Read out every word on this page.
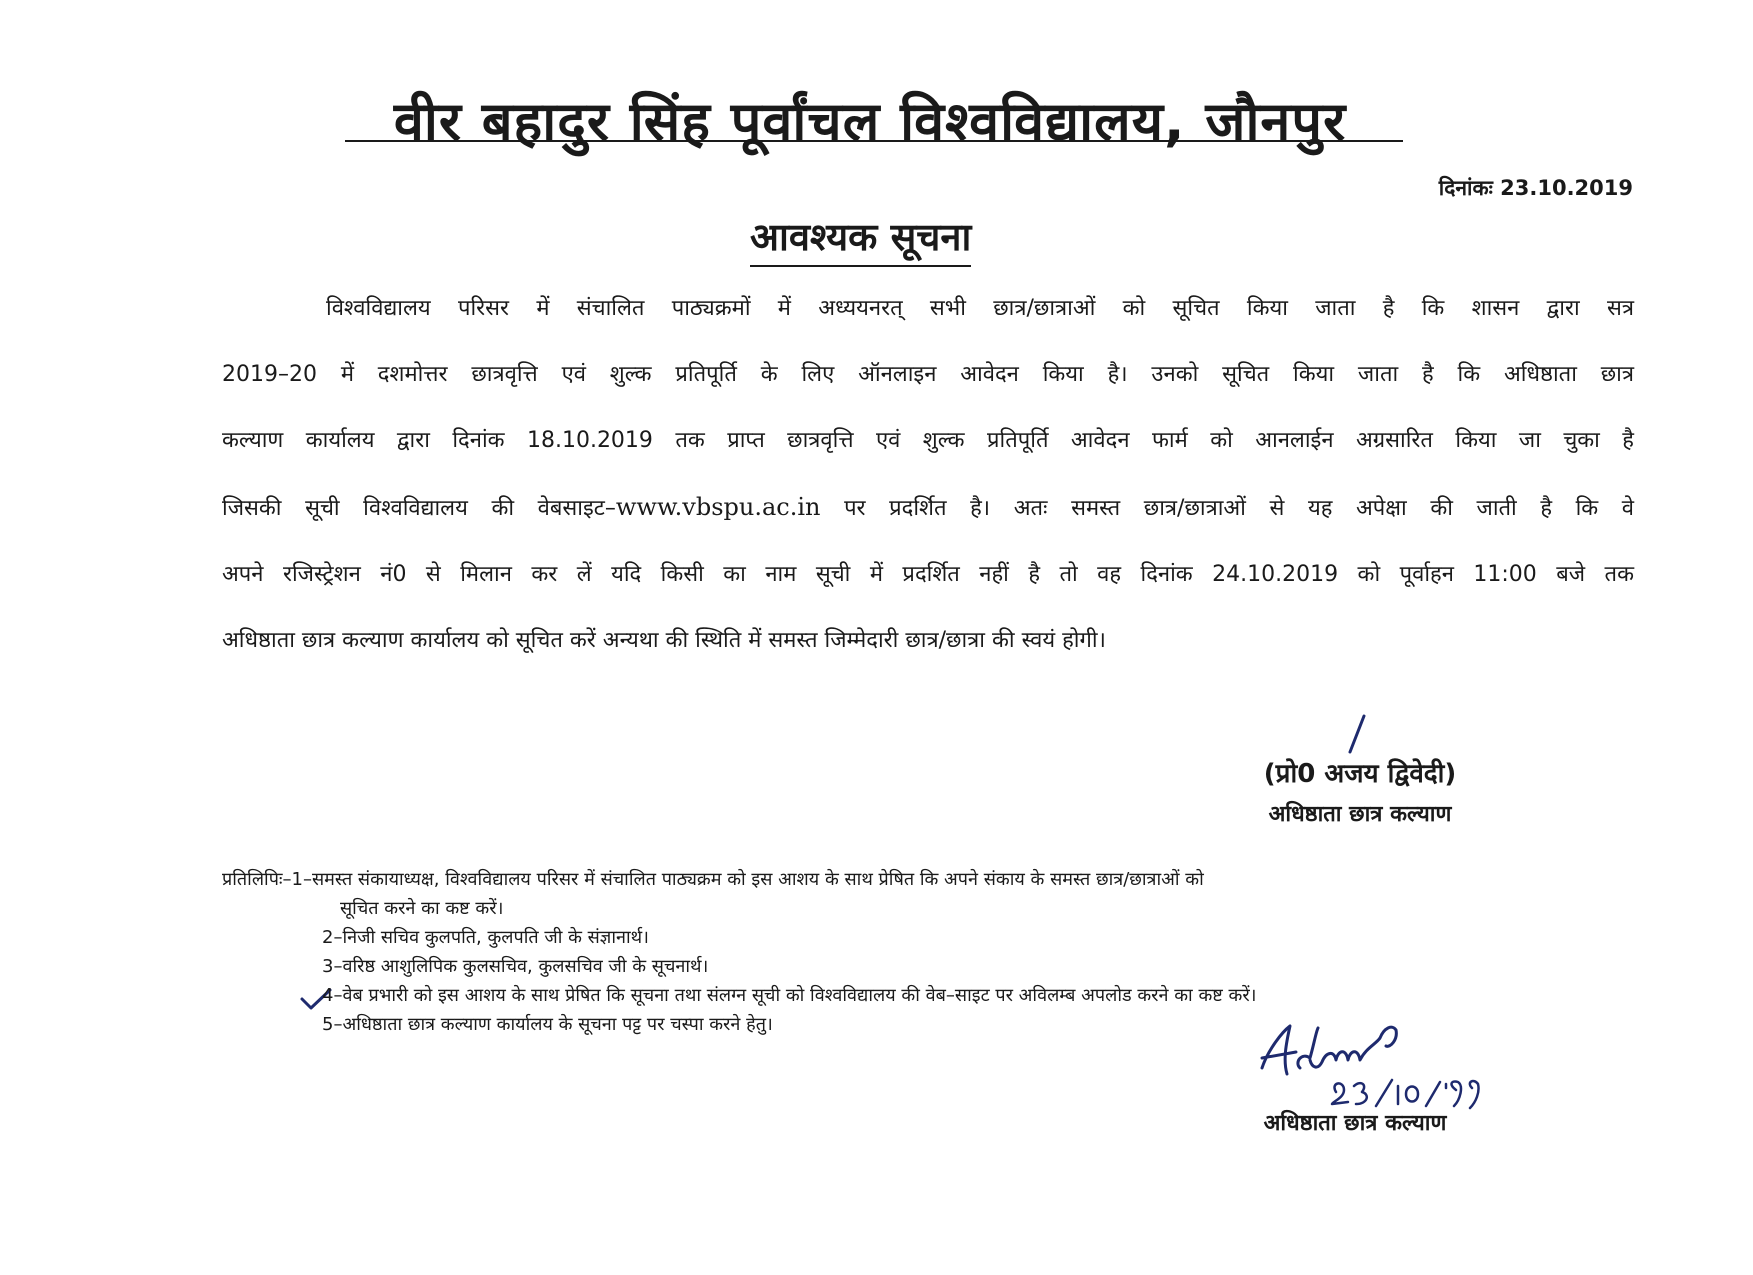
वीर बहादुर सिंह पूर्वांचल विश्वविद्यालय, जौनपुर
दिनांकः 23.10.2019
आवश्यक सूचना

विश्वविद्यालय परिसर में संचालित पाठ्यक्रमों में अध्ययनरत् सभी छात्र/छात्राओं को सूचित किया जाता है कि शासन द्वारा सत्र

2019–20 में दशमोत्तर छात्रवृत्ति एवं शुल्क प्रतिपूर्ति के लिए ऑनलाइन आवेदन किया है। उनको सूचित किया जाता है कि अधिष्ठाता छात्र

कल्याण कार्यालय द्वारा दिनांक 18.10.2019 तक प्राप्त छात्रवृत्ति एवं शुल्क प्रतिपूर्ति आवेदन फार्म को आनलाईन अग्रसारित किया जा चुका है

जिसकी सूची विश्वविद्यालय की वेबसाइट–www.vbspu.ac.in पर प्रदर्शित है। अतः समस्त छात्र/छात्राओं से यह अपेक्षा की जाती है कि वे

अपने रजिस्ट्रेशन नं0 से मिलान कर लें यदि किसी का नाम सूची में प्रदर्शित नहीं है तो वह दिनांक 24.10.2019 को पूर्वाहन 11:00 बजे तक

अधिष्ठाता छात्र कल्याण कार्यालय को सूचित करें अन्यथा की स्थिति में समस्त जिम्मेदारी छात्र/छात्रा की स्वयं होगी।

(प्रो0 अजय द्विवेदी)
अधिष्ठाता छात्र कल्याण
प्रतिलिपिः–1–समस्त संकायाध्यक्ष, विश्वविद्यालय परिसर में संचालित पाठ्यक्रम को इस आशय के साथ प्रेषित कि अपने संकाय के समस्त छात्र/छात्राओं को
सूचित करने का कष्ट करें।
2–निजी सचिव कुलपति, कुलपति जी के संज्ञानार्थ।
3–वरिष्ठ आशुलिपिक कुलसचिव, कुलसचिव जी के सूचनार्थ।
4–वेब प्रभारी को इस आशय के साथ प्रेषित कि सूचना तथा संलग्न सूची को विश्वविद्यालय की वेब–साइट पर अविलम्ब अपलोड करने का कष्ट करें।
5–अधिष्ठाता छात्र कल्याण कार्यालय के सूचना पट्ट पर चस्पा करने हेतु।
अधिष्ठाता छात्र कल्याण
